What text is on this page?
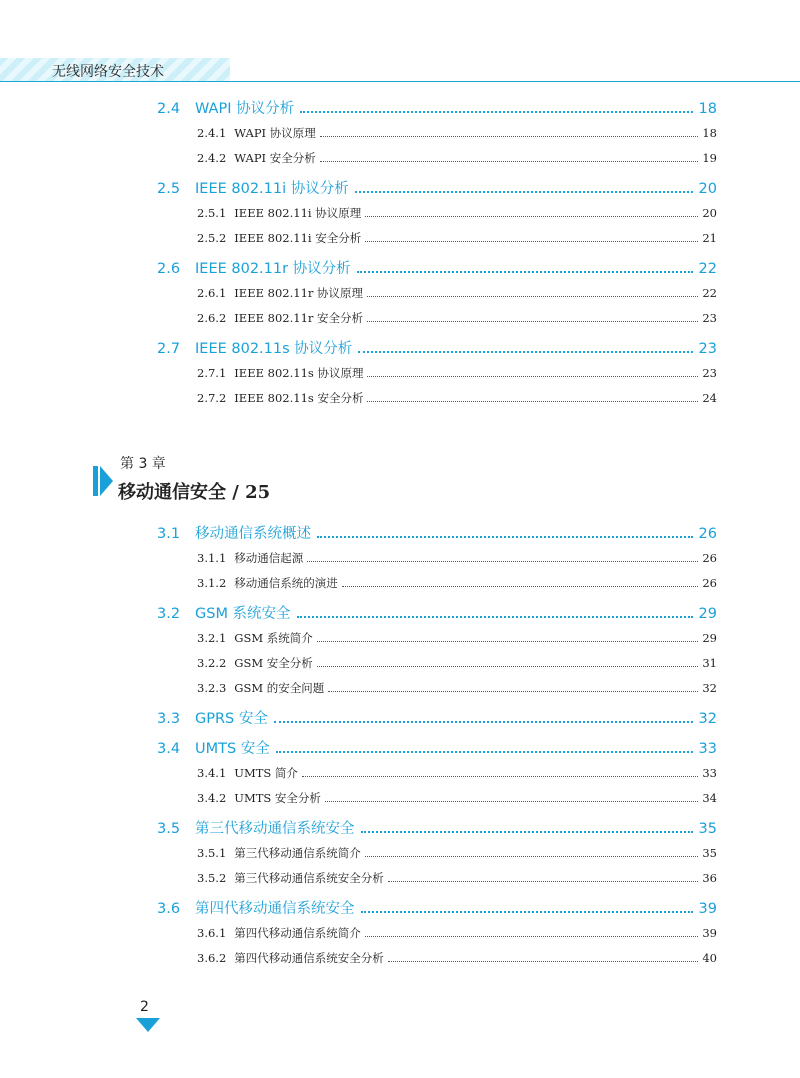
无线网络安全技术
2.4	WAPI 协议分析	18
2.4.1 WAPI 协议原理	18
2.4.2 WAPI 安全分析	19
2.5	IEEE 802.11i 协议分析	20
2.5.1 IEEE 802.11i 协议原理	20
2.5.2 IEEE 802.11i 安全分析	21
2.6	IEEE 802.11r 协议分析	22
2.6.1 IEEE 802.11r 协议原理	22
2.6.2 IEEE 802.11r 安全分析	23
2.7	IEEE 802.11s 协议分析	23
2.7.1 IEEE 802.11s 协议原理	23
2.7.2 IEEE 802.11s 安全分析	24
第 3 章
移动通信安全 / 25
3.1	移动通信系统概述	26
3.1.1 移动通信起源	26
3.1.2 移动通信系统的演进	26
3.2	GSM 系统安全	29
3.2.1 GSM 系统简介	29
3.2.2 GSM 安全分析	31
3.2.3 GSM 的安全问题	32
3.3	GPRS 安全	32
3.4	UMTS 安全	33
3.4.1 UMTS 简介	33
3.4.2 UMTS 安全分析	34
3.5	第三代移动通信系统安全	35
3.5.1 第三代移动通信系统简介	35
3.5.2 第三代移动通信系统安全分析	36
3.6	第四代移动通信系统安全	39
3.6.1 第四代移动通信系统简介	39
3.6.2 第四代移动通信系统安全分析	40
2
